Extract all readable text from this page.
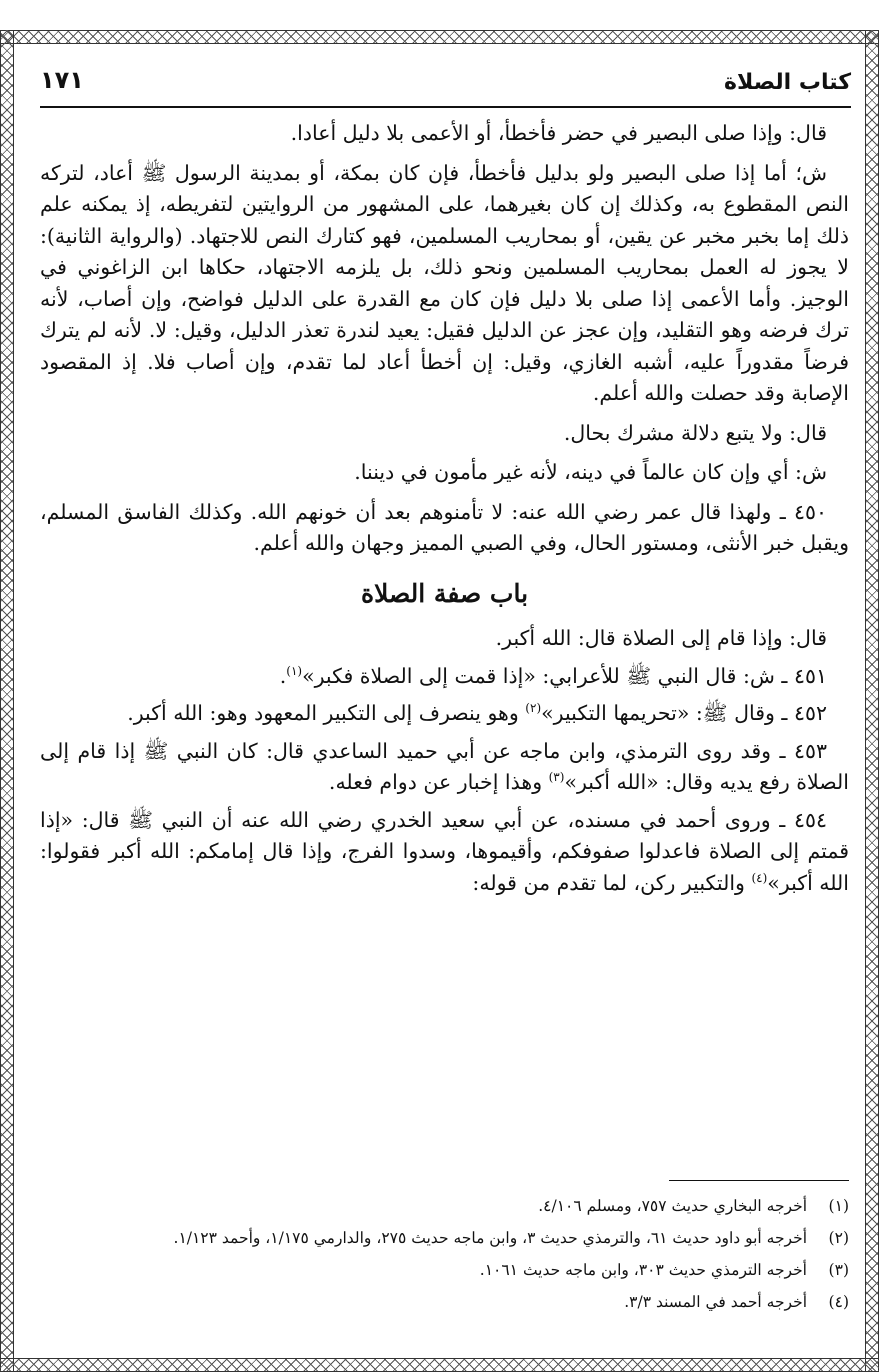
كتاب الصلاة
١٧١

قال: وإذا صلى البصير في حضر فأخطأ، أو الأعمى بلا دليل أعادا.

ش؛ أما إذا صلى البصير ولو بدليل فأخطأ، فإن كان بمكة، أو بمدينة الرسول ﷺ أعاد، لتركه النص المقطوع به، وكذلك إن كان بغيرهما، على المشهور من الروايتين لتفريطه، إذ يمكنه علم ذلك إما بخبر مخبر عن يقين، أو بمحاريب المسلمين، فهو كتارك النص للاجتهاد. (والرواية الثانية): لا يجوز له العمل بمحاريب المسلمين ونحو ذلك، بل يلزمه الاجتهاد، حكاها ابن الزاغوني في الوجيز. وأما الأعمى إذا صلى بلا دليل فإن كان مع القدرة على الدليل فواضح، وإن أصاب، لأنه ترك فرضه وهو التقليد، وإن عجز عن الدليل فقيل: يعيد لندرة تعذر الدليل، وقيل: لا. لأنه لم يترك فرضاً مقدوراً عليه، أشبه الغازي، وقيل: إن أخطأ أعاد لما تقدم، وإن أصاب فلا. إذ المقصود الإصابة وقد حصلت والله أعلم.

قال: ولا يتبع دلالة مشرك بحال.

ش: أي وإن كان عالماً في دينه، لأنه غير مأمون في ديننا.

٤٥٠ ـ ولهذا قال عمر رضي الله عنه: لا تأمنوهم بعد أن خونهم الله. وكذلك الفاسق المسلم، ويقبل خبر الأنثى، ومستور الحال، وفي الصبي المميز وجهان والله أعلم.

باب صفة الصلاة

قال: وإذا قام إلى الصلاة قال: الله أكبر.

٤٥١ ـ ش: قال النبي ﷺ للأعرابي: «إذا قمت إلى الصلاة فكبر»$^{(١)}$.

٤٥٢ ـ وقال ﷺ: «تحريمها التكبير»$^{(٢)}$ وهو ينصرف إلى التكبير المعهود وهو: الله أكبر.

٤٥٣ ـ وقد روى الترمذي، وابن ماجه عن أبي حميد الساعدي قال: كان النبي ﷺ إذا قام إلى الصلاة رفع يديه وقال: «الله أكبر»$^{(٣)}$ وهذا إخبار عن دوام فعله.

٤٥٤ ـ وروى أحمد في مسنده، عن أبي سعيد الخدري رضي الله عنه أن النبي ﷺ قال: «إذا قمتم إلى الصلاة فاعدلوا صفوفكم، وأقيموها، وسدوا الفرج، وإذا قال إمامكم: الله أكبر فقولوا: الله أكبر»$^{(٤)}$ والتكبير ركن، لما تقدم من قوله:

(١)
أخرجه البخاري حديث ٧٥٧، ومسلم ٤/١٠٦.
(٢)
أخرجه أبو داود حديث ٦١، والترمذي حديث ٣، وابن ماجه حديث ٢٧٥، والدارمي ١/١٧٥، وأحمد ١/١٢٣.
(٣)
أخرجه الترمذي حديث ٣٠٣، وابن ماجه حديث ١٠٦١.
(٤)
أخرجه أحمد في المسند ٣/٣.
